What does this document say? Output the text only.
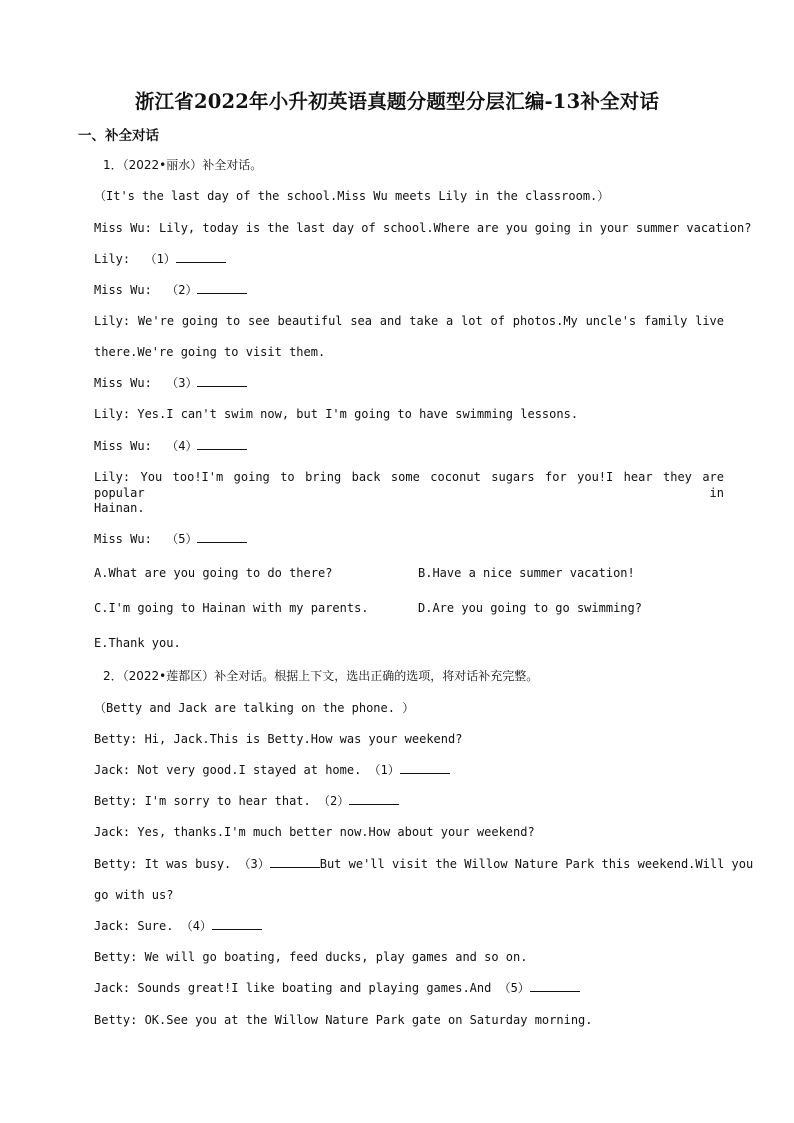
浙江省2022年小升初英语真题分题型分层汇编-13补全对话
一、补全对话
1．（2022•丽水）补全对话。
（It's the last day of the school.Miss Wu meets Lily in the classroom.）
Miss Wu: Lily, today is the last day of school.Where are you going in your summer vacation?
Lily:  （1）
Miss Wu:  （2）
Lily: We're going to see beautiful sea and take a lot of photos.My uncle's family live
there.We're going to visit them.
Miss Wu:  （3）
Lily: Yes.I can't swim now, but I'm going to have swimming lessons.
Miss Wu:  （4）
Lily: You too!I'm going to bring back some coconut sugars for you!I hear they are popular in
Hainan.
Miss Wu:  （5）
A.What are you going to do there?	B.Have a nice summer vacation!
C.I'm going to Hainan with my parents.	D.Are you going to go swimming?
E.Thank you.
2．（2022•莲都区）补全对话。根据上下文，选出正确的选项，将对话补充完整。
（Betty and Jack are talking on the phone. ）
Betty: Hi, Jack.This is Betty.How was your weekend?
Jack: Not very good.I stayed at home. （1）
Betty: I'm sorry to hear that. （2）
Jack: Yes, thanks.I'm much better now.How about your weekend?
Betty: It was busy. （3）	But we'll visit the Willow Nature Park this weekend.Will you
go with us?
Jack: Sure. （4）
Betty: We will go boating, feed ducks, play games and so on.
Jack: Sounds great!I like boating and playing games.And （5）
Betty: OK.See you at the Willow Nature Park gate on Saturday morning.
